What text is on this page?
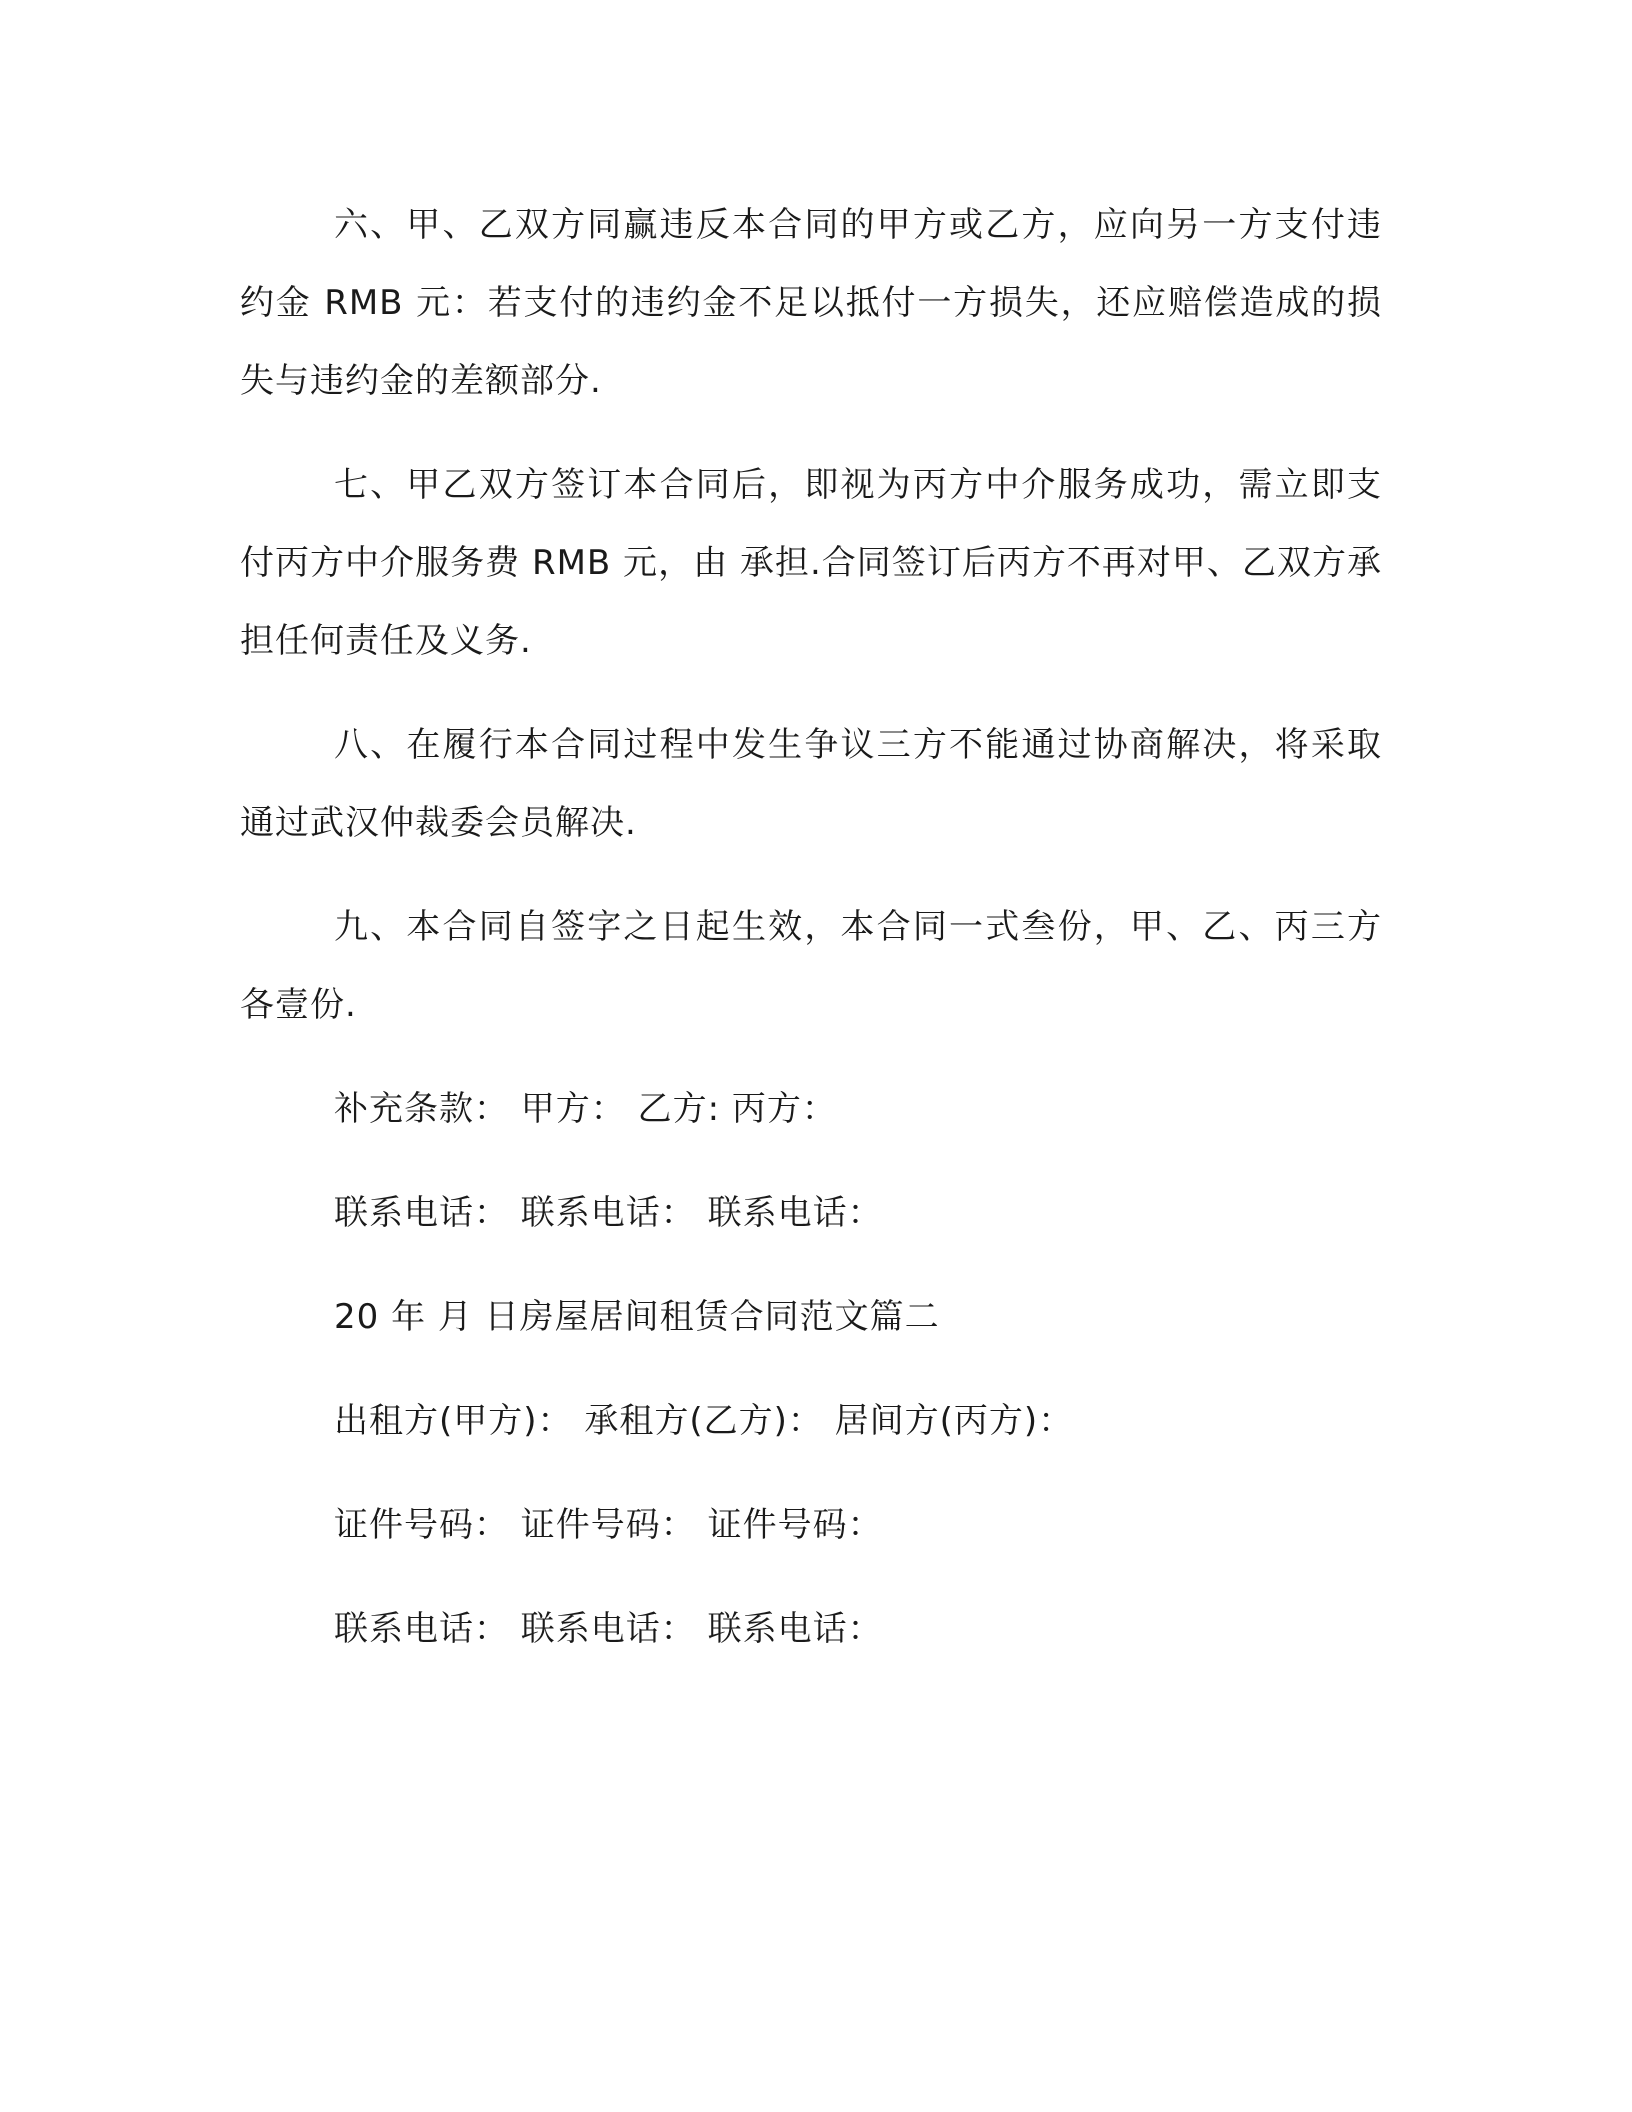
六、甲、乙双方同赢违反本合同的甲方或乙方，应向另一方支付违约金 RMB 元：若支付的违约金不足以抵付一方损失，还应赔偿造成的损失与违约金的差额部分.

七、甲乙双方签订本合同后，即视为丙方中介服务成功，需立即支付丙方中介服务费 RMB 元，由 承担.合同签订后丙方不再对甲、乙双方承担任何责任及义务.

八、在履行本合同过程中发生争议三方不能通过协商解决，将采取通过武汉仲裁委会员解决.

九、本合同自签字之日起生效，本合同一式叁份，甲、乙、丙三方各壹份.

补充条款： 甲方： 乙方: 丙方：

联系电话： 联系电话： 联系电话：

20 年 月 日房屋居间租赁合同范文篇二

出租方(甲方)： 承租方(乙方)： 居间方(丙方)：

证件号码： 证件号码： 证件号码：

联系电话： 联系电话： 联系电话：
